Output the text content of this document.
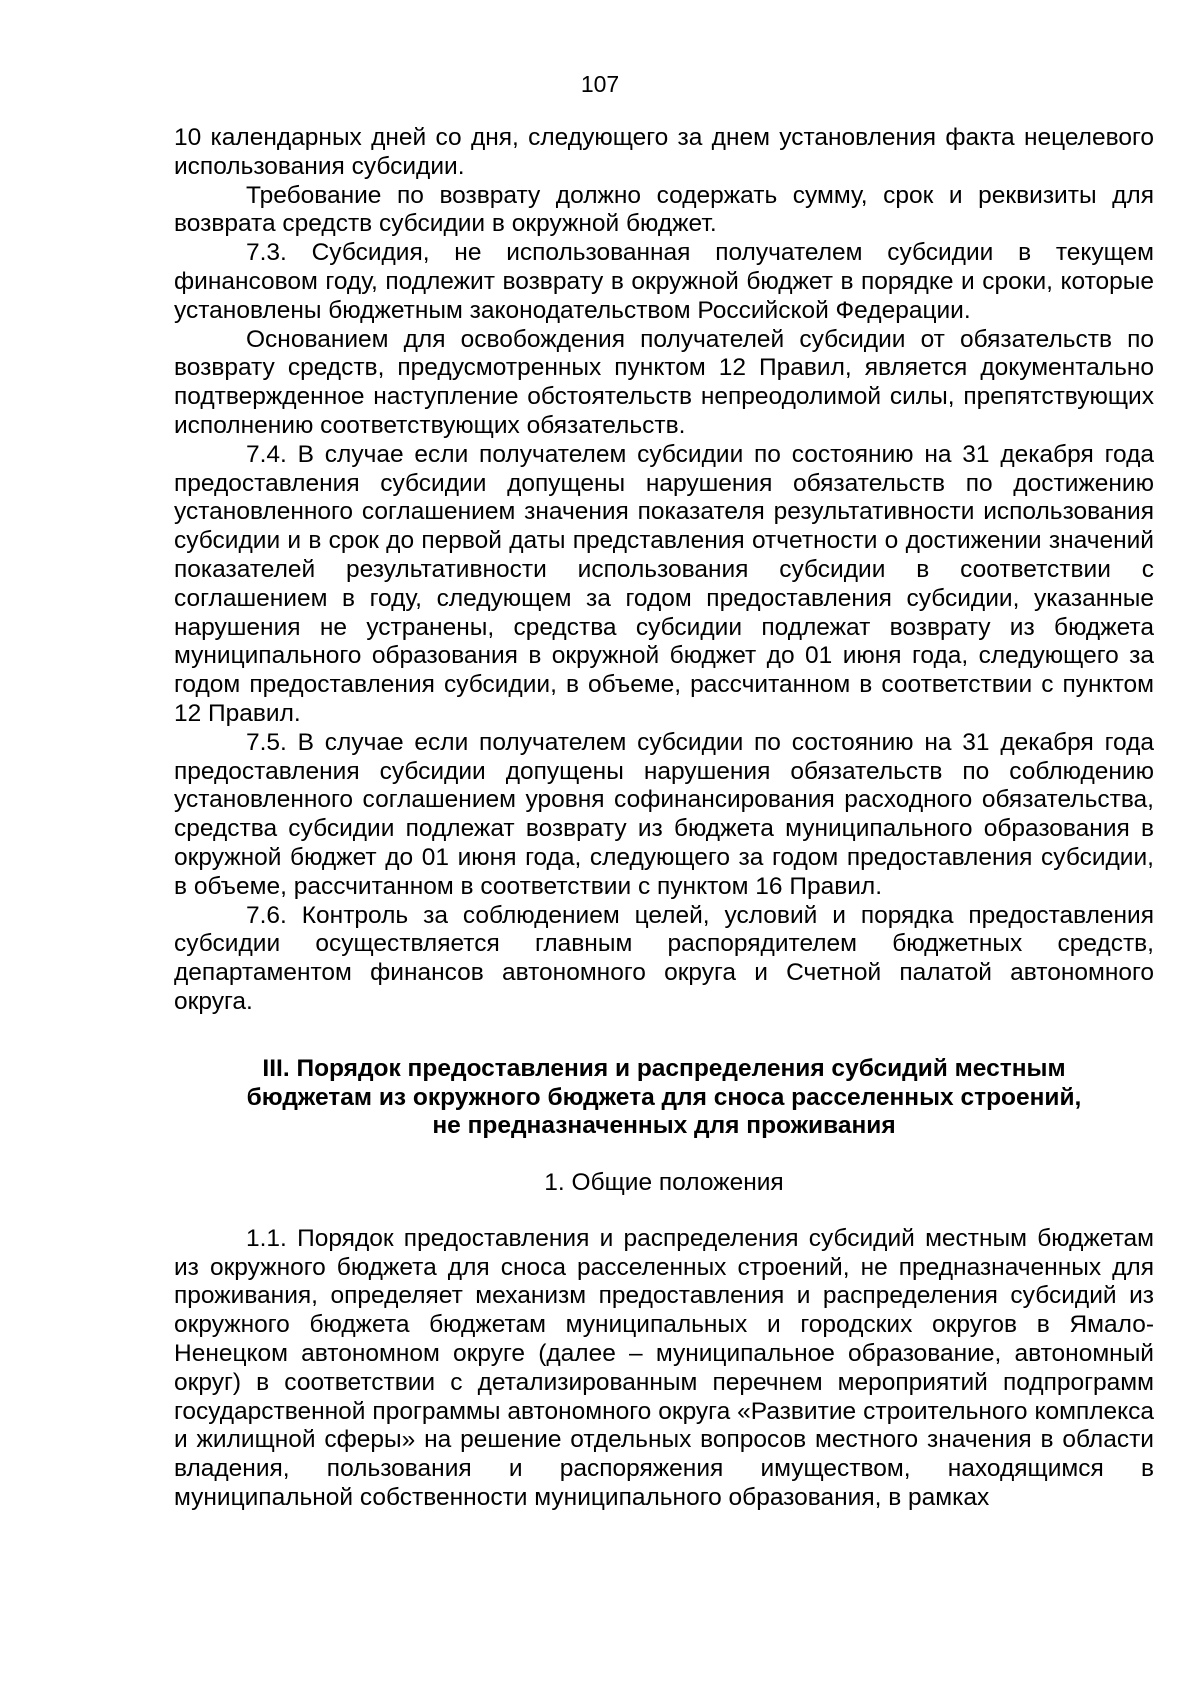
107

10 календарных дней со дня, следующего за днем установления факта нецелевого использования субсидии.

Требование по возврату должно содержать сумму, срок и реквизиты для возврата средств субсидии в окружной бюджет.

7.3. Субсидия, не использованная получателем субсидии в текущем финансовом году, подлежит возврату в окружной бюджет в порядке и сроки, которые установлены бюджетным законодательством Российской Федерации.

Основанием для освобождения получателей субсидии от обязательств по возврату средств, предусмотренных пунктом 12 Правил, является документально подтвержденное наступление обстоятельств непреодолимой силы, препятствующих исполнению соответствующих обязательств.

7.4. В случае если получателем субсидии по состоянию на 31 декабря года предоставления субсидии допущены нарушения обязательств по достижению установленного соглашением значения показателя результативности использования субсидии и в срок до первой даты представления отчетности о достижении значений показателей результативности использования субсидии в соответствии с соглашением в году, следующем за годом предоставления субсидии, указанные нарушения не устранены, средства субсидии подлежат возврату из бюджета муниципального образования в окружной бюджет до 01 июня года, следующего за годом предоставления субсидии, в объеме, рассчитанном в соответствии с пунктом 12 Правил.

7.5. В случае если получателем субсидии по состоянию на 31 декабря года предоставления субсидии допущены нарушения обязательств по соблюдению установленного соглашением уровня софинансирования расходного обязательства, средства субсидии подлежат возврату из бюджета муниципального образования в окружной бюджет до 01 июня года, следующего за годом предоставления субсидии, в объеме, рассчитанном в соответствии с пунктом 16 Правил.

7.6. Контроль за соблюдением целей, условий и порядка предоставления субсидии осуществляется главным распорядителем бюджетных средств, департаментом финансов автономного округа и Счетной палатой автономного округа.

III. Порядок предоставления и распределения субсидий местным
бюджетам из окружного бюджета для сноса расселенных строений,
не предназначенных для проживания

1. Общие положения

1.1. Порядок предоставления и распределения субсидий местным бюджетам из окружного бюджета для сноса расселенных строений, не предназначенных для проживания, определяет механизм предоставления и распределения субсидий из окружного бюджета бюджетам муниципальных и городских округов в Ямало-Ненецком автономном округе (далее – муниципальное образование, автономный округ) в соответствии с детализированным перечнем мероприятий подпрограмм государственной программы автономного округа «Развитие строительного комплекса и жилищной сферы» на решение отдельных вопросов местного значения в области владения, пользования и распоряжения имуществом, находящимся в муниципальной собственности муниципального образования, в рамках
